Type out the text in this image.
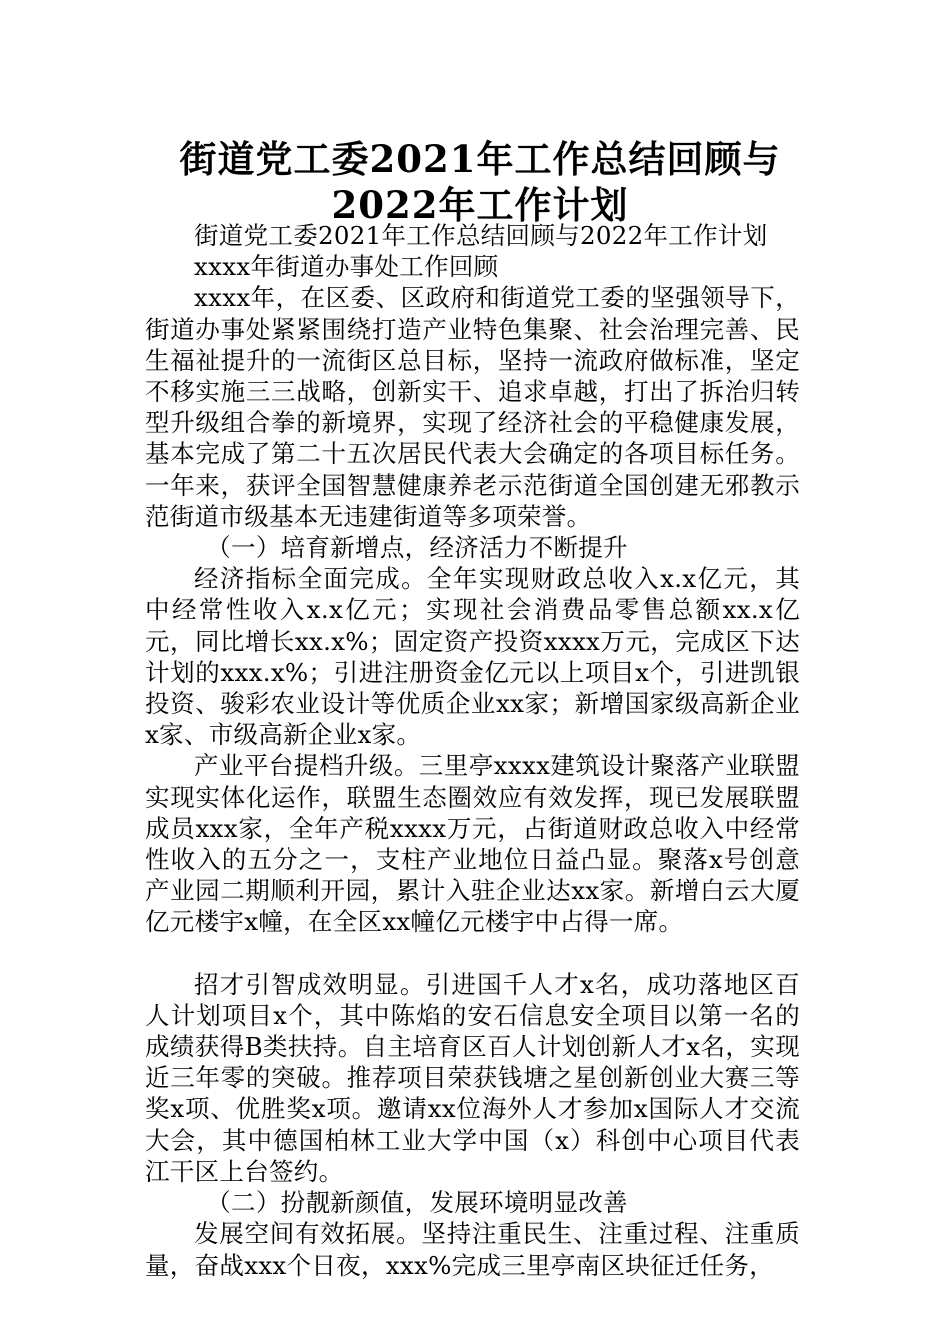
街道党工委2021年工作总结回顾与2022年工作计划

街道党工委2021年工作总结回顾与2022年工作计划

xxxx年街道办事处工作回顾

xxxx年，在区委、区政府和街道党工委的坚强领导下，街道办事处紧紧围绕打造产业特色集聚、社会治理完善、民生福祉提升的一流街区总目标，坚持一流政府做标准，坚定不移实施三三战略，创新实干、追求卓越，打出了拆治归转型升级组合拳的新境界，实现了经济社会的平稳健康发展，基本完成了第二十五次居民代表大会确定的各项目标任务。一年来，获评全国智慧健康养老示范街道全国创建无邪教示范街道市级基本无违建街道等多项荣誉。

（一）培育新增点，经济活力不断提升

经济指标全面完成。全年实现财政总收入x.x亿元，其中经常性收入x.x亿元；实现社会消费品零售总额xx.x亿元，同比增长xx.x%；固定资产投资xxxx万元，完成区下达计划的xxx.x%；引进注册资金亿元以上项目x个，引进凯银投资、骏彩农业设计等优质企业xx家；新增国家级高新企业x家、市级高新企业x家。

产业平台提档升级。三里亭xxxx建筑设计聚落产业联盟实现实体化运作，联盟生态圈效应有效发挥，现已发展联盟成员xxx家，全年产税xxxx万元，占街道财政总收入中经常性收入的五分之一，支柱产业地位日益凸显。聚落x号创意产业园二期顺利开园，累计入驻企业达xx家。新增白云大厦亿元楼宇x幢，在全区xx幢亿元楼宇中占得一席。

招才引智成效明显。引进国千人才x名，成功落地区百人计划项目x个，其中陈焰的安石信息安全项目以第一名的成绩获得B类扶持。自主培育区百人计划创新人才x名，实现近三年零的突破。推荐项目荣获钱塘之星创新创业大赛三等奖x项、优胜奖x项。邀请xx位海外人才参加x国际人才交流大会，其中德国柏林工业大学中国（x）科创中心项目代表江干区上台签约。

（二）扮靓新颜值，发展环境明显改善

发展空间有效拓展。坚持注重民生、注重过程、注重质量，奋战xxx个日夜，xxx%完成三里亭南区块征迁任务，
